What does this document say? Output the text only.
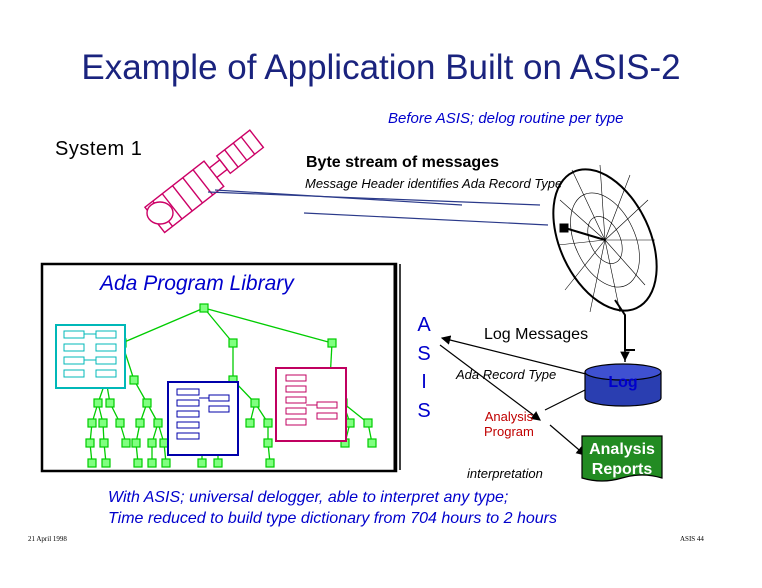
Example of Application Built on ASIS-2
Before ASIS; delog routine per type
System 1
Byte stream of messages
Message Header identifies Ada Record Type
Ada Program Library
A
S
I
S
Log Messages
Ada Record Type
Analysis
Program
interpretation
Log
Analysis
Reports
With ASIS; universal delogger, able to interpret any type;
Time reduced to build type dictionary from 704 hours to 2 hours
21 April 1998	ASIS 44
